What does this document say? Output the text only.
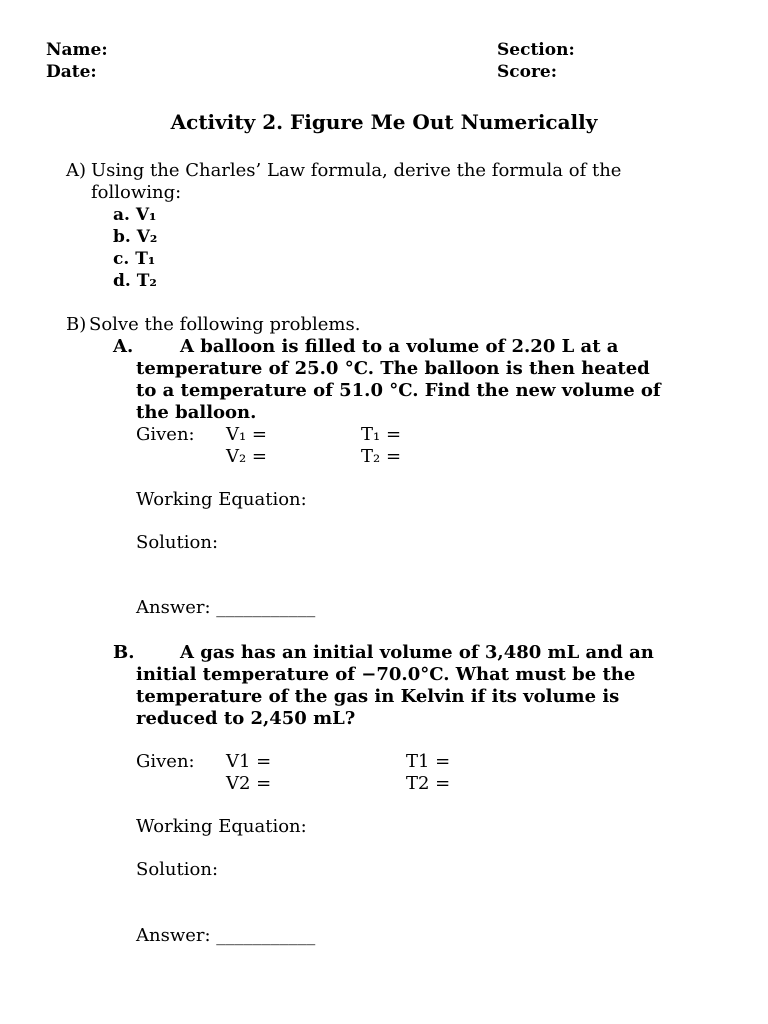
Name:
Date:
Section:
Score:
Activity 2. Figure Me Out Numerically
A) Using the Charles’ Law formula, derive the formula of the
following:
a. V₁
b. V₂
c. T₁
d. T₂
B) Solve the following problems.
A.	A balloon is filled to a volume of 2.20 L at a
temperature of 25.0 °C. The balloon is then heated
to a temperature of 51.0 °C. Find the new volume of
the balloon.
Given: V₁ =
V₂ =
T₁ =
T₂ =
Working Equation:
Solution:
Answer: ___________
B.	A gas has an initial volume of 3,480 mL and an
initial temperature of −70.0°C. What must be the
temperature of the gas in Kelvin if its volume is
reduced to 2,450 mL?
Given: V1 =
V2 =
T1 =
T2 =
Working Equation:
Solution:
Answer: ___________
